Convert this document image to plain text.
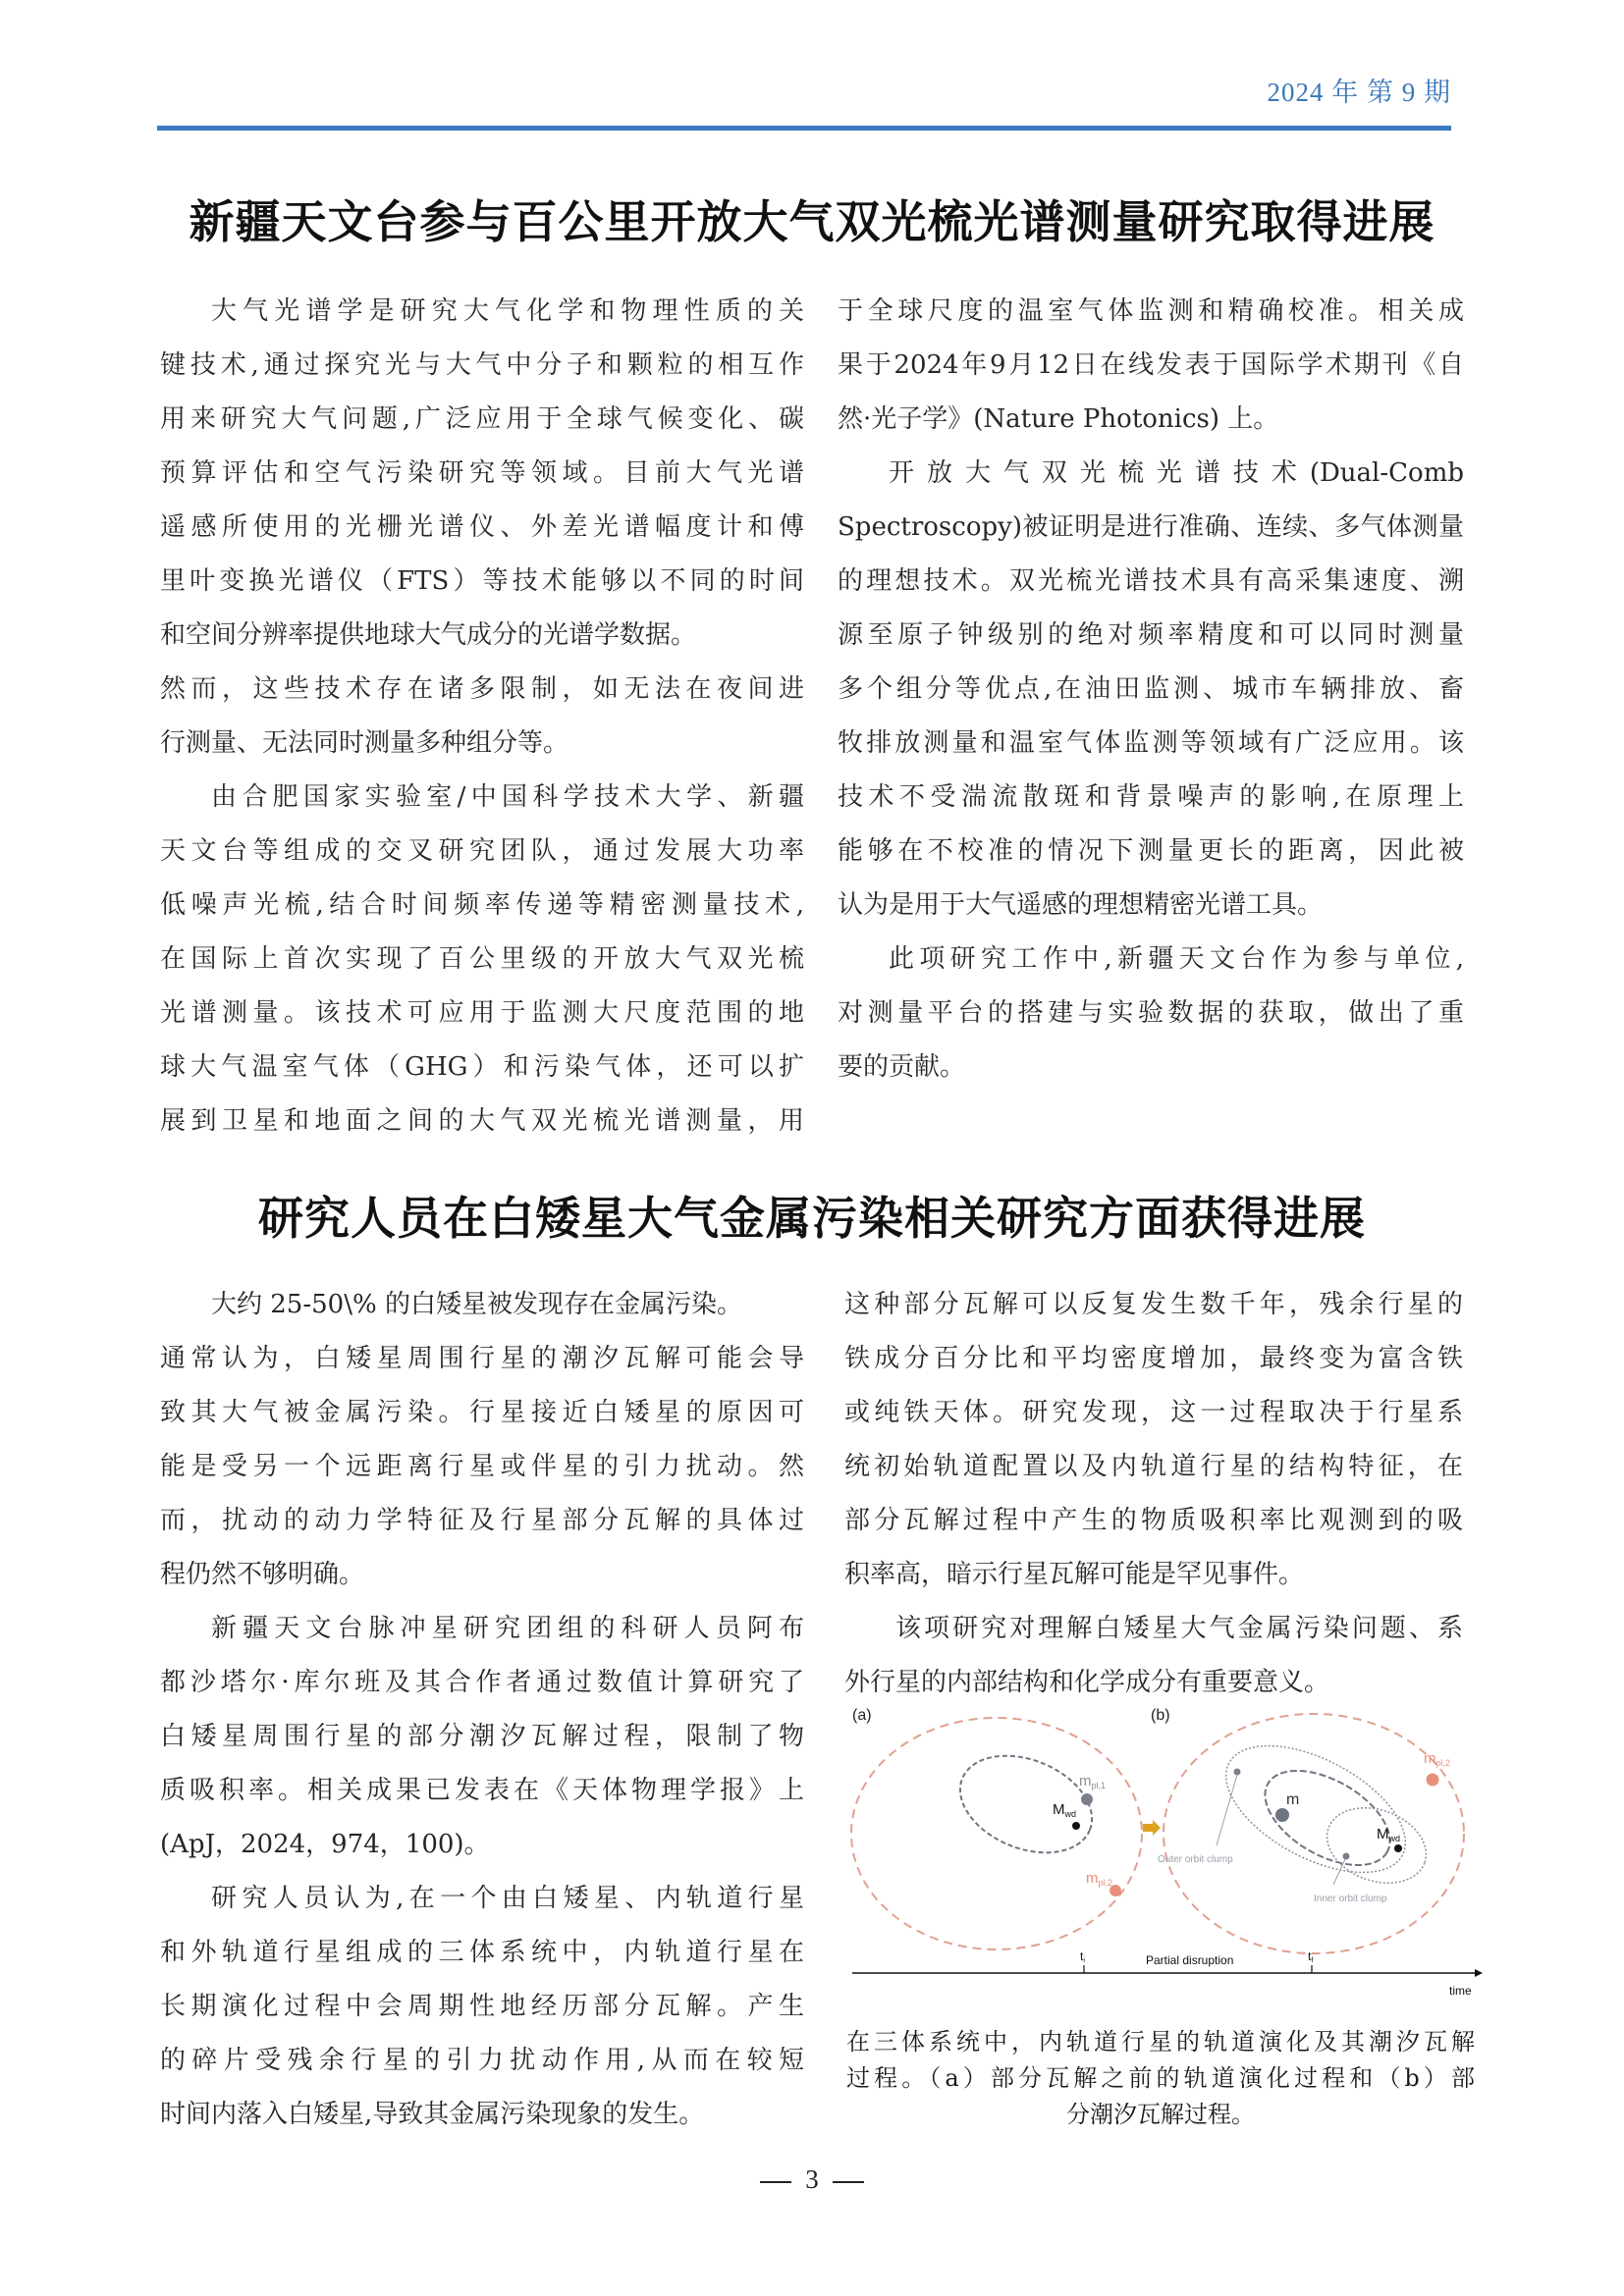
2024 年 第 9 期
新疆天文台参与百公里开放大气双光梳光谱测量研究取得进展
大气光谱学是研究大气化学和物理性质的关
键技术,通过探究光与大气中分子和颗粒的相互作
用来研究大气问题,广泛应用于全球气候变化、碳
预算评估和空气污染研究等领域。目前大气光谱
遥感所使用的光栅光谱仪、外差光谱幅度计和傅
里叶变换光谱仪（FTS）等技术能够以不同的时间
和空间分辨率提供地球大气成分的光谱学数据。
然而，这些技术存在诸多限制，如无法在夜间进
行测量、无法同时测量多种组分等。
由合肥国家实验室/中国科学技术大学、新疆
天文台等组成的交叉研究团队，通过发展大功率
低噪声光梳,结合时间频率传递等精密测量技术,
在国际上首次实现了百公里级的开放大气双光梳
光谱测量。该技术可应用于监测大尺度范围的地
球大气温室气体（GHG）和污染气体，还可以扩
展到卫星和地面之间的大气双光梳光谱测量，用
于全球尺度的温室气体监测和精确校准。相关成
果于2024年9月12日在线发表于国际学术期刊《自
然·光子学》(Nature Photonics) 上。
开放大气双光梳光谱技术(Dual-Comb
Spectroscopy)被证明是进行准确、连续、多气体测量
的理想技术。双光梳光谱技术具有高采集速度、溯
源至原子钟级别的绝对频率精度和可以同时测量
多个组分等优点,在油田监测、城市车辆排放、畜
牧排放测量和温室气体监测等领域有广泛应用。该
技术不受湍流散斑和背景噪声的影响,在原理上
能够在不校准的情况下测量更长的距离，因此被
认为是用于大气遥感的理想精密光谱工具。
此项研究工作中,新疆天文台作为参与单位,
对测量平台的搭建与实验数据的获取，做出了重
要的贡献。
研究人员在白矮星大气金属污染相关研究方面获得进展
大约 25-50\% 的白矮星被发现存在金属污染。
通常认为，白矮星周围行星的潮汐瓦解可能会导
致其大气被金属污染。行星接近白矮星的原因可
能是受另一个远距离行星或伴星的引力扰动。然
而，扰动的动力学特征及行星部分瓦解的具体过
程仍然不够明确。
新疆天文台脉冲星研究团组的科研人员阿布
都沙塔尔·库尔班及其合作者通过数值计算研究了
白矮星周围行星的部分潮汐瓦解过程，限制了物
质吸积率。相关成果已发表在《天体物理学报》上
(ApJ，2024，974，100)。
研究人员认为,在一个由白矮星、内轨道行星
和外轨道行星组成的三体系统中，内轨道行星在
长期演化过程中会周期性地经历部分瓦解。产生
的碎片受残余行星的引力扰动作用,从而在较短
时间内落入白矮星,导致其金属污染现象的发生。
这种部分瓦解可以反复发生数千年，残余行星的
铁成分百分比和平均密度增加，最终变为富含铁
或纯铁天体。研究发现，这一过程取决于行星系
统初始轨道配置以及内轨道行星的结构特征，在
部分瓦解过程中产生的物质吸积率比观测到的吸
积率高，暗示行星瓦解可能是罕见事件。
该项研究对理解白矮星大气金属污染问题、系
外行星的内部结构和化学成分有重要意义。
(a)
$m_{pl,1}$
$M_{wd}$
$m_{pl,2}$
(b)
m
$M_{wd}$
$m_{pl,2}$
Outer orbit clump
Inner orbit clump
ti	tf
Partial disruption
time
在三体系统中，内轨道行星的轨道演化及其潮汐瓦解
过程。（a）部分瓦解之前的轨道演化过程和（b）部
分潮汐瓦解过程。
3
